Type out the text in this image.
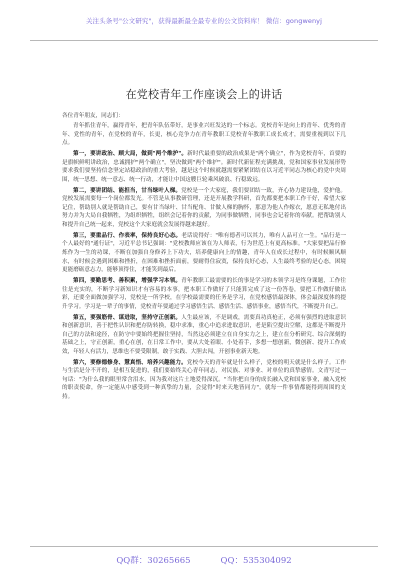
关注头条号"公文研究"，获得最新最全最专业的公文资料库！ 微信：gongwenyj
在党校青年工作座谈会上的讲话

各位青年朋友，同志们：

青年抓住青年，赢得青年，把青年队伍带好，是事业兴旺发达的一个标志。党校青年是向上的青年、优秀的青年、党性的青年，在党校的青年，长更，核心竞争力在青年教职工党校青年教职工成长成才，需要重视到以下几点。

第一，要讲政治、顾大局，做到"两个维护"。新时代最重要的政治成果是"两个确立"，作为党校青年，首要的是旗帜鲜明讲政治，忠诚拥护"两个确立"，坚决做到"两个维护"。新时代新征程充满挑战，党和国家事业发展形势要求我们要坚持信念坚定站稳政治的重大考验，越是这个时候就越需要紧紧团结在以习近平同志为核心的党中央周围，统一思想、统一意志、统一行动，才能让中国这艘巨轮乘风破浪、行稳致远。

第二，要讲团结、能担当，甘当绿叶人梯。党校是一个大家庭，我们要团结一致，齐心协力建设他，爱护他。党校发展需要每一个岗位都发光。不管是从事教研管理，还是开展教学科研，首先都要把本职工作干好，希望大家记住，帮助别人就是帮助自己，要有甘当绿叶、甘当配角、甘做人梯的胸怀，那意为他人作嫁衣，愿意无私地付出努力并为大局自我牺牲，为组织牺牲，组织会记着你的贡献，为同事做牺牲，同事也会记着你的奉献。把帮助别人和提升自己统一起来，党校这个大家庭就会发展得越来越好。

第三，要重品行、作表率，保持良好心态。老话说得好："唯有德者可以其力，唯有人品可立一生。"品行是一个人最好的"通行证"，习近平总书记强调："党校教师应该在为人师表，行为世范上有更高标准。"大家要把品行修炼作为一生的功课，不断在加强自身修养上下功夫，培养健康向上的情趣，青年人在成长过程中，有时候顺风顺水，有时候会遇到困难和挫折，在困难和挫折面前，要耐得住寂寞，保持良好心态，人生最终考验的是心态，困境更能磨砺意志力，能够顶得住，才能笑到最后。

第四，要勤思考、善积累，增强学习本领。青年教职工最需要的长的事是学习的本领学习是终身课题，工作往往是充实的，不断学习新知识才有容易的本事，把本职工作做好了只能算完成了这一份答卷，要把工作做好做出彩，还要全面做加强学习，党校是一所学校，在学校最需要的任务是学习，在党校感悟最深体，体会最深度体的提升学习。学习是一辈子的事情，党校青年要通过学习感悟生活、感悟生活、感悟事业，感悟当代，不断提升自己。

第五，要强筋骨、谋进取，坚持守正创新。人生最应该，不是调戏，需要真功真枪正，必须有强烈的进取意识和创新意识，善于把性认识和把存防转换，稳中求准，重心中追求进取意识，老是陷空提出空解，这都是不断提升自己的方法和途径，在防守中要始终把握住坚持，当然这必须建立在自身实力之上，建立在分析研究、综合深刻的基础之上，守正创新，重心在创，在日常工作中，要从大处着眼、小处着手，多想一想创新，微创新、提升工作成效，年轻人有活力，思维也不要受限制，敢于实践、大胆去闯，开创事业新天地。

第六，要修德修身、慧真悟、培养兴趣能力。党校今天的青年就是什么样子，党校的明天就是什么样子。工作与生活是分不开的，是相互促进的，我们要始终关心青年同志，对民族、对事业、对单位的真挚感情。文青写过一句话："为什么我的眼里常含泪水，因为我对这片土地爱得深沉。"当你把自身的成长融入党和国家事业，融入党校的职责使命，你一定能从中感受到一种真挚的力量，会觉得"时来天地皆同力"，就每一件事情都能得到周围的支持。

QQ群：30265665	QQ：535304092
